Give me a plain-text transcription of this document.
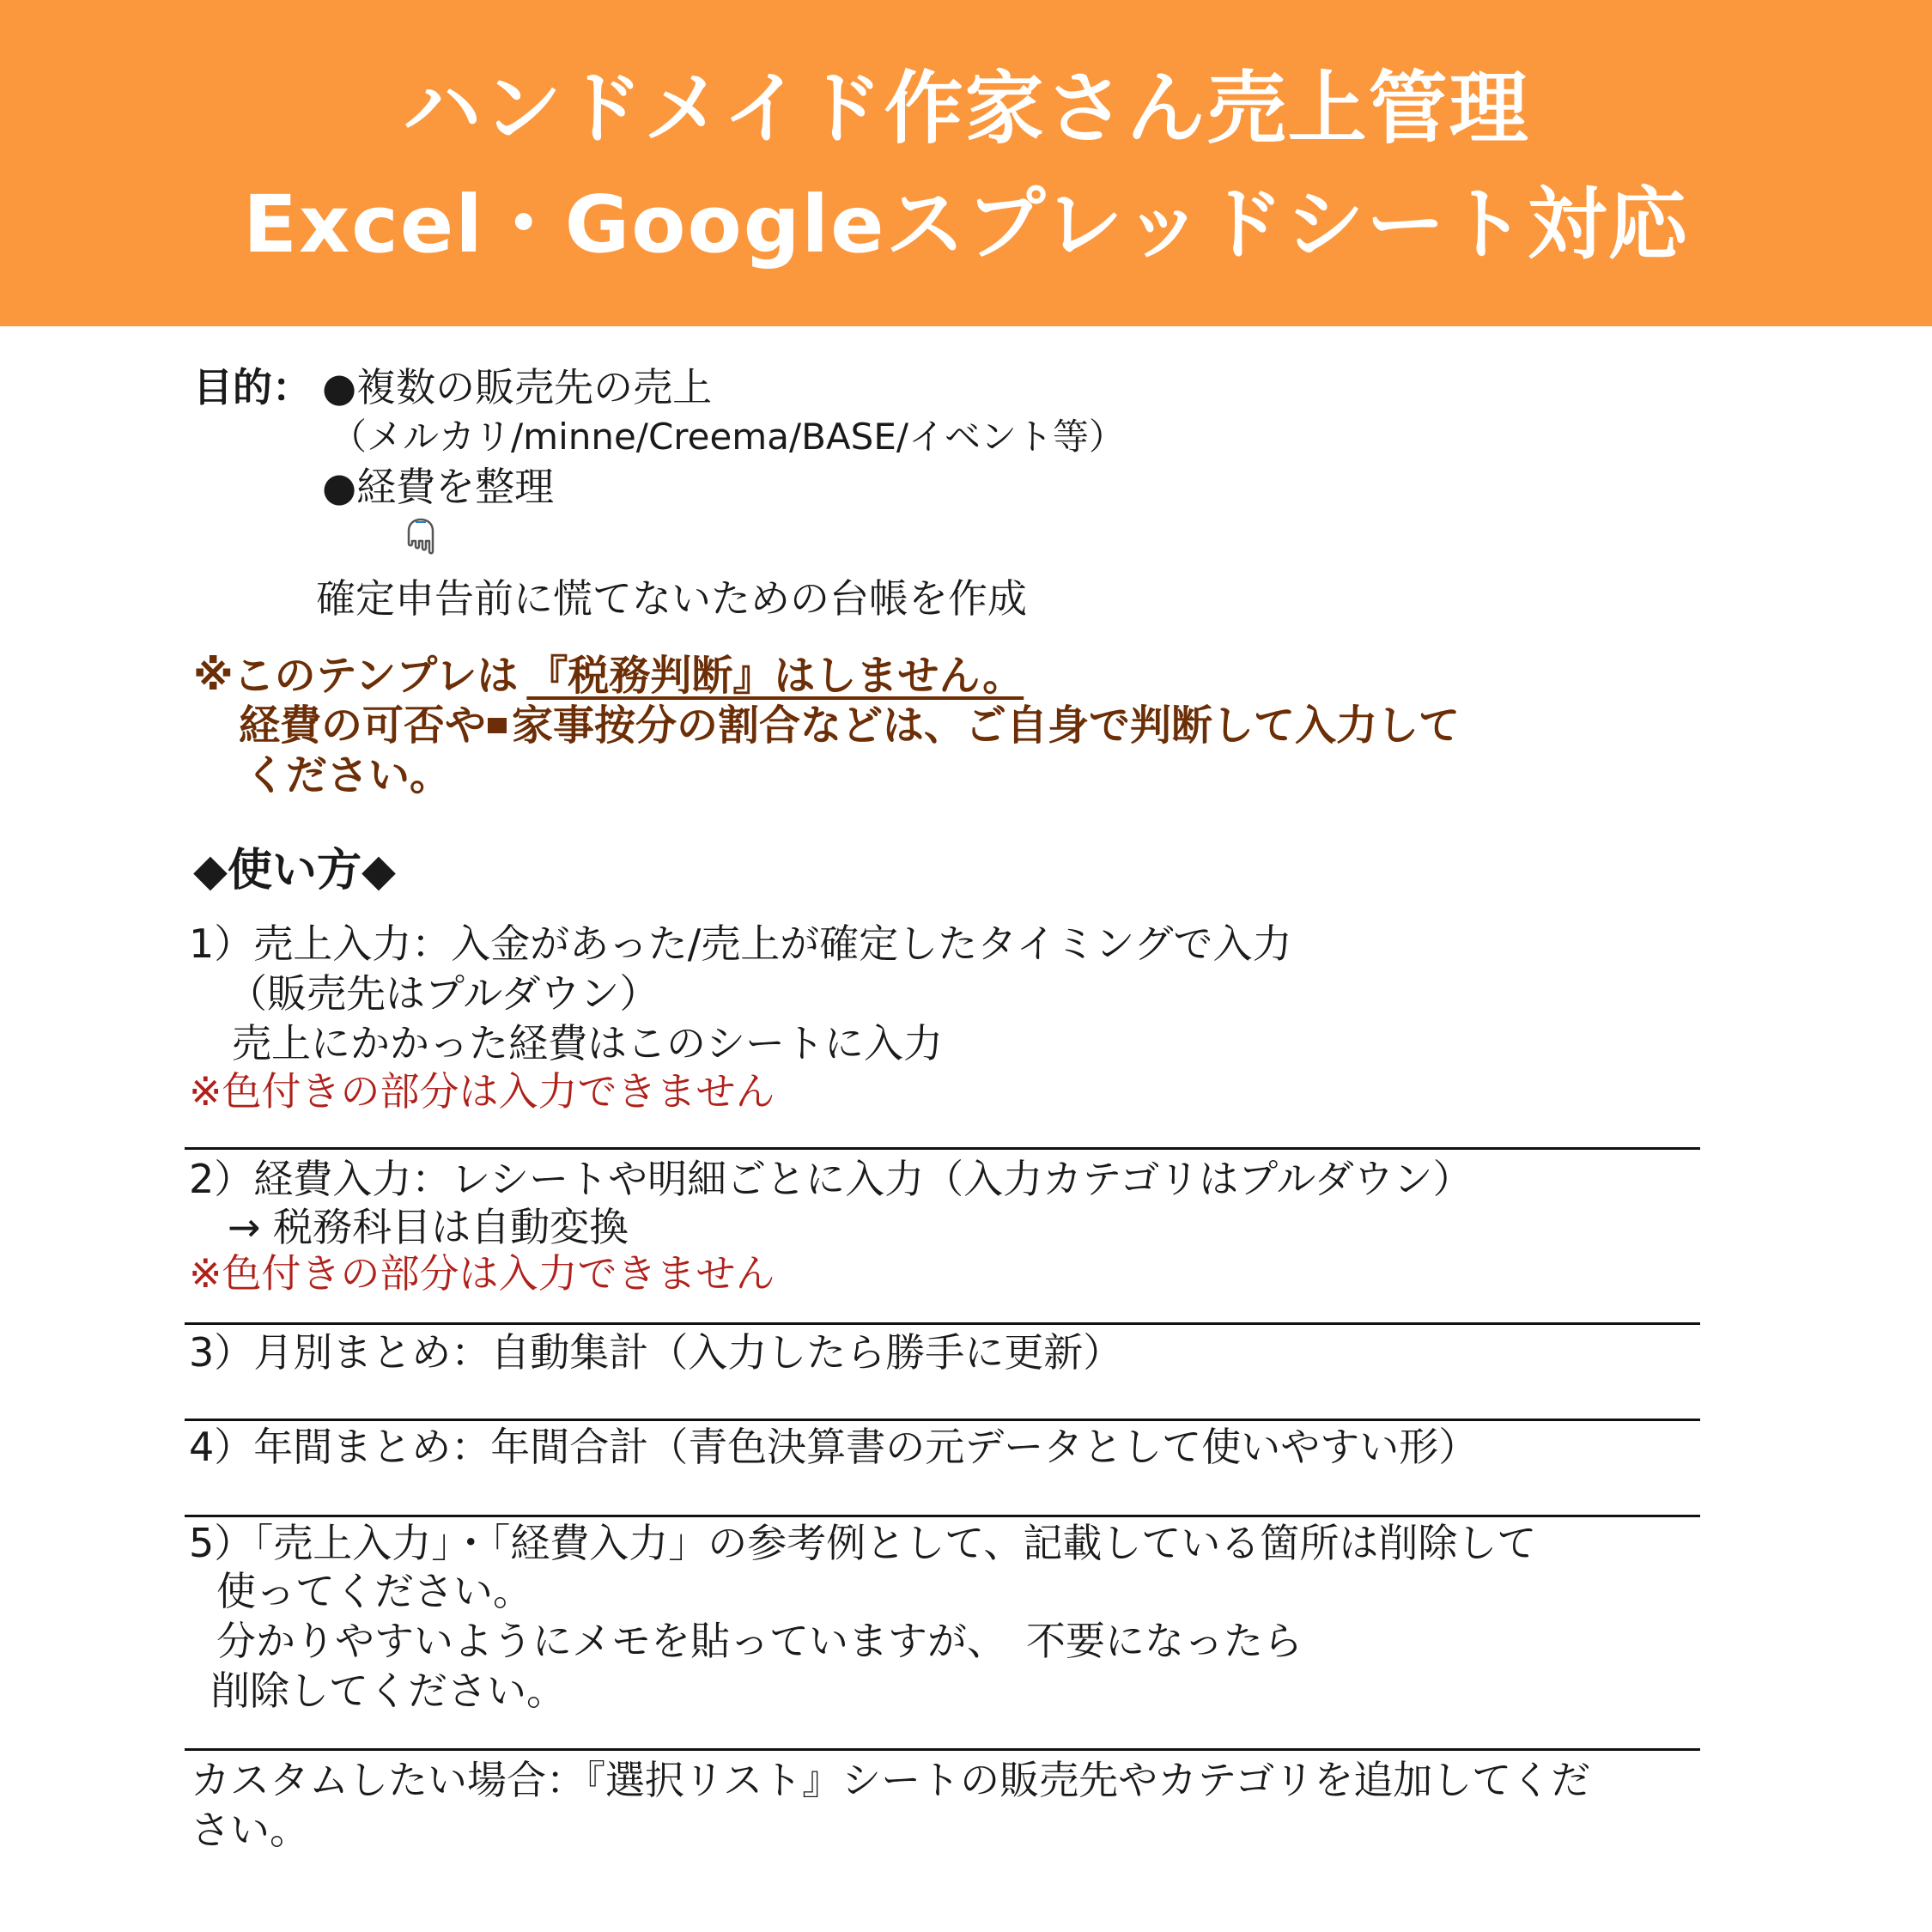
ハンドメイド作家さん売上管理
Excel・Googleスプレッドシート対応
目的： ●複数の販売先の売上
（メルカリ/minne/Creema/BASE/イベント等）
●経費を整理
確定申告前に慌てないための台帳を作成
※このテンプレは 『税務判断』はしません。
経費の可否や 家事按分の割合などは、ご自身で判断して入力して
ください。
◆使い方◆
1）売上入力：入金があった/売上が確定したタイミングで入力
（販売先はプルダウン）
売上にかかった経費はこのシートに入力
※色付きの部分は入力できません
2）経費入力：レシートや明細ごとに入力（入力カテゴリはプルダウン）
→ 税務科目は自動変換
※色付きの部分は入力できません
3）月別まとめ：自動集計（入力したら勝手に更新）
4）年間まとめ：年間合計（青色決算書の元データとして使いやすい形）
5）「売上入力」・「経費入力」の参考例として、記載している箇所は削除して
使ってください。
分かりやすいようにメモを貼っていますが、　不要になったら
削除してください。
カスタムしたい場合：『選択リスト』シートの販売先やカテゴリを追加してくだ
さい。
